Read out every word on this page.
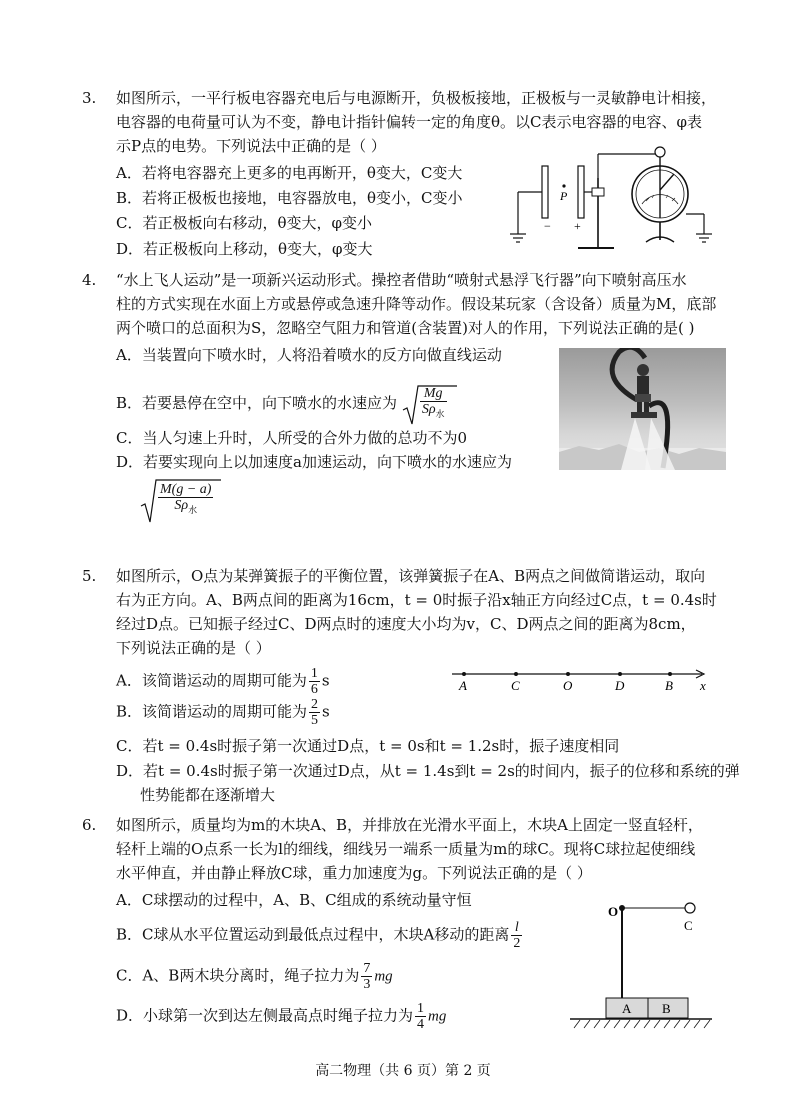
3. 如图所示，一平行板电容器充电后与电源断开，负极板接地，正极板与一灵敏静电计相接，
电容器的电荷量可认为不变，静电计指针偏转一定的角度θ。以C表示电容器的电容、φ表
示P点的电势。下列说法中正确的是（ ）
A．若将电容器充上更多的电再断开，θ变大，C变大
B．若将正极板也接地，电容器放电，θ变小，C变小
C．若正极板向右移动，θ变大，φ变小
D．若正极板向上移动，θ变大，φ变大
P
− +
4. “水上飞人运动”是一项新兴运动形式。操控者借助“喷射式悬浮飞行器”向下喷射高压水
柱的方式实现在水面上方或悬停或急速升降等动作。假设某玩家（含设备）质量为M，底部
两个喷口的总面积为S，忽略空气阻力和管道(含装置)对人的作用，下列说法正确的是( )
A．当装置向下喷水时，人将沿着喷水的反方向做直线运动
B．若要悬停在空中，向下喷水的水速应为 $\frac{Mg}{S\rho_水}$
C．当人匀速上升时，人所受的合外力做的总功不为0
D．若要实现向上以加速度a加速运动，向下喷水的水速应为
$\frac{M(g - a)}{S\rho_水}$
5. 如图所示，O点为某弹簧振子的平衡位置，该弹簧振子在A、B两点之间做简谐运动，取向
右为正方向。A、B两点间的距离为16cm，t = 0时振子沿x轴正方向经过C点，t = 0.4s时
经过D点。已知振子经过C、D两点时的速度大小均为v，C、D两点之间的距离为8cm，
下列说法正确的是（ ）
A．该简谐运动的周期可能为 $\frac{1}{6}$ s
B．该简谐运动的周期可能为 $\frac{2}{5}$ s
C．若t = 0.4s时振子第一次通过D点，t = 0s和t = 1.2s时，振子速度相同
D．若t = 0.4s时振子第一次通过D点，从t = 1.4s到t = 2s的时间内，振子的位移和系统的弹
性势能都在逐渐增大
A	C	O	D	B x
6. 如图所示，质量均为m的木块A、B，并排放在光滑水平面上，木块A上固定一竖直轻杆，
轻杆上端的O点系一长为l的细线，细线另一端系一质量为m的球C。现将C球拉起使细线
水平伸直，并由静止释放C球，重力加速度为g。下列说法正确的是（ ）
A．C球摆动的过程中，A、B、C组成的系统动量守恒
B．C球从水平位置运动到最低点过程中，木块A移动的距离 $\frac{l}{2}$
C．A、B两木块分离时，绳子拉力为 $\frac{7}{3}$ mg
D．小球第一次到达左侧最高点时绳子拉力为 $\frac{1}{4}$ mg
O
C
A B
高二物理（共 6 页）第 2 页
